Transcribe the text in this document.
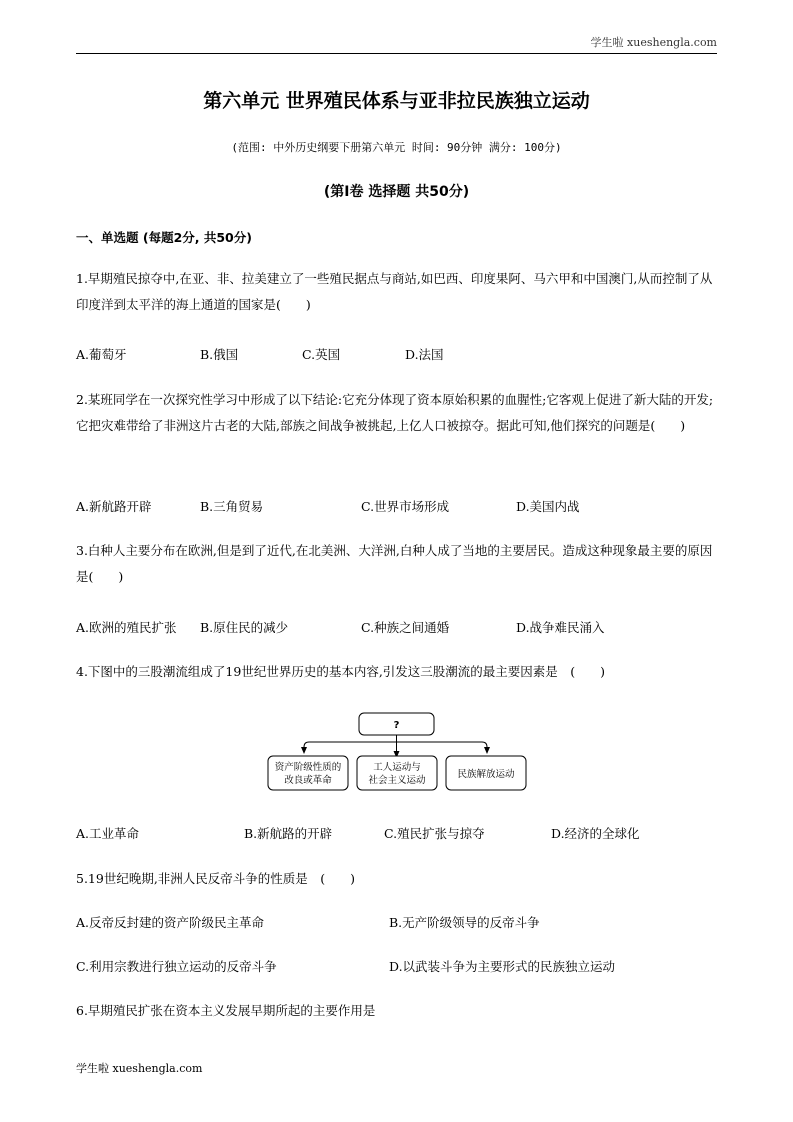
学生啦 xueshengla.com
第六单元 世界殖民体系与亚非拉民族独立运动
(范围: 中外历史纲要下册第六单元 时间: 90分钟 满分: 100分)
(第Ⅰ卷 选择题 共50分)
一、单选题 (每题2分, 共50分)
1.早期殖民掠夺中,在亚、非、拉美建立了一些殖民据点与商站,如巴西、印度果阿、马六甲和中国澳门,从而控制了从印度洋到太平洋的海上通道的国家是(　　)
A.葡萄牙	B.俄国	C.英国	D.法国
2.某班同学在一次探究性学习中形成了以下结论:它充分体现了资本原始积累的血腥性;它客观上促进了新大陆的开发;它把灾难带给了非洲这片古老的大陆,部族之间战争被挑起,上亿人口被掠夺。据此可知,他们探究的问题是(　　)
A.新航路开辟	B.三角贸易	C.世界市场形成	D.美国内战
3.白种人主要分布在欧洲,但是到了近代,在北美洲、大洋洲,白种人成了当地的主要居民。造成这种现象最主要的原因是(　　)
A.欧洲的殖民扩张 B.原住民的减少	C.种族之间通婚	D.战争难民涌入
4.下图中的三股潮流组成了19世纪世界历史的基本内容,引发这三股潮流的最主要因素是　(　　)
?
资产阶级性质的
改良或革命
工人运动与
社会主义运动
民族解放运动
A.工业革命	B.新航路的开辟	C.殖民扩张与掠夺	D.经济的全球化
5.19世纪晚期,非洲人民反帝斗争的性质是　(　　)
A.反帝反封建的资产阶级民主革命	B.无产阶级领导的反帝斗争
C.利用宗教进行独立运动的反帝斗争	D.以武装斗争为主要形式的民族独立运动
6.早期殖民扩张在资本主义发展早期所起的主要作用是
学生啦 xueshengla.com
